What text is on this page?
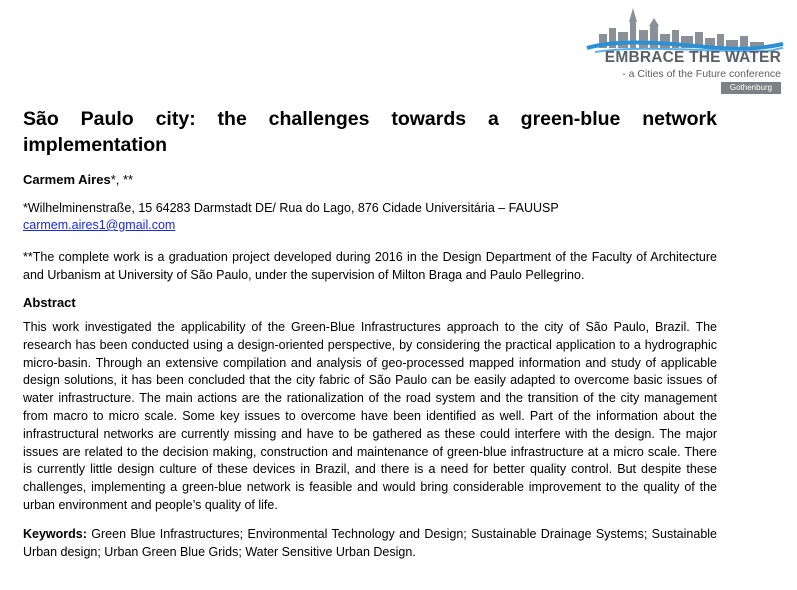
EMBRACE THE WATER
- a Cities of the Future conference
Gothenburg 2017
São Paulo city: the challenges towards a green-blue network implementation
Carmem Aires*, **
*Wilhelminenstraße, 15 64283 Darmstadt DE/ Rua do Lago, 876 Cidade Universitária – FAUUSP
carmem.aires1@gmail.com
**The complete work is a graduation project developed during 2016 in the Design Department of the Faculty of Architecture and Urbanism at University of São Paulo, under the supervision of Milton Braga and Paulo Pellegrino.
Abstract
This work investigated the applicability of the Green-Blue Infrastructures approach to the city of São Paulo, Brazil. The research has been conducted using a design-oriented perspective, by considering the practical application to a hydrographic micro-basin. Through an extensive compilation and analysis of geo-processed mapped information and study of applicable design solutions, it has been concluded that the city fabric of São Paulo can be easily adapted to overcome basic issues of water infrastructure. The main actions are the rationalization of the road system and the transition of the city management from macro to micro scale. Some key issues to overcome have been identified as well. Part of the information about the infrastructural networks are currently missing and have to be gathered as these could interfere with the design. The major issues are related to the decision making, construction and maintenance of green-blue infrastructure at a micro scale. There is currently little design culture of these devices in Brazil, and there is a need for better quality control. But despite these challenges, implementing a green-blue network is feasible and would bring considerable improvement to the quality of the urban environment and people’s quality of life.
Keywords: Green Blue Infrastructures; Environmental Technology and Design; Sustainable Drainage Systems; Sustainable Urban design; Urban Green Blue Grids; Water Sensitive Urban Design.
